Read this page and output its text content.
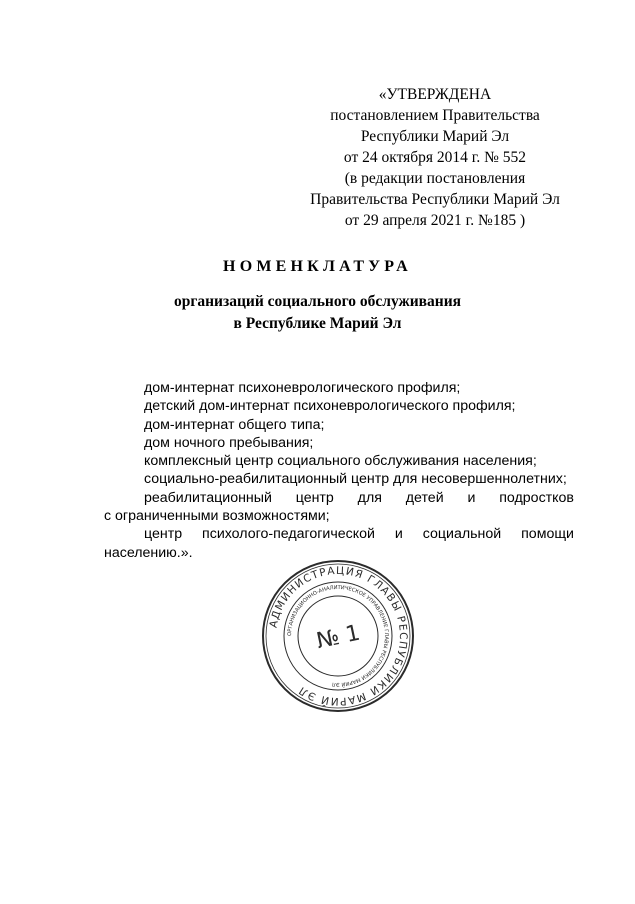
«УТВЕРЖДЕНА
постановлением Правительства
Республики Марий Эл
от 24 октября 2014 г. № 552
(в редакции постановления
Правительства Республики Марий Эл
от 29 апреля 2021 г. №185 )
НОМЕНКЛАТУРА
организаций социального обслуживания
в Республике Марий Эл
дом-интернат психоневрологического профиля;
детский дом-интернат психоневрологического профиля;
дом-интернат общего типа;
дом ночного пребывания;
комплексный центр социального обслуживания населения;
социально-реабилитационный центр для несовершеннолетних;
реабилитационный центр для детей и подростков
с ограниченными возможностями;
центр психолого-педагогической и социальной помощи
населению.».
АДМИНИСТРАЦИЯ ГЛАВЫ РЕСПУБЛИКИ МАРИЙ ЭЛ
ОРГАНИЗАЦИОННО-АНАЛИТИЧЕСКОЕ УПРАВЛЕНИЕ ГЛАВЫ РЕСПУБЛИКИ МАРИЙ ЭЛ
№ 1
